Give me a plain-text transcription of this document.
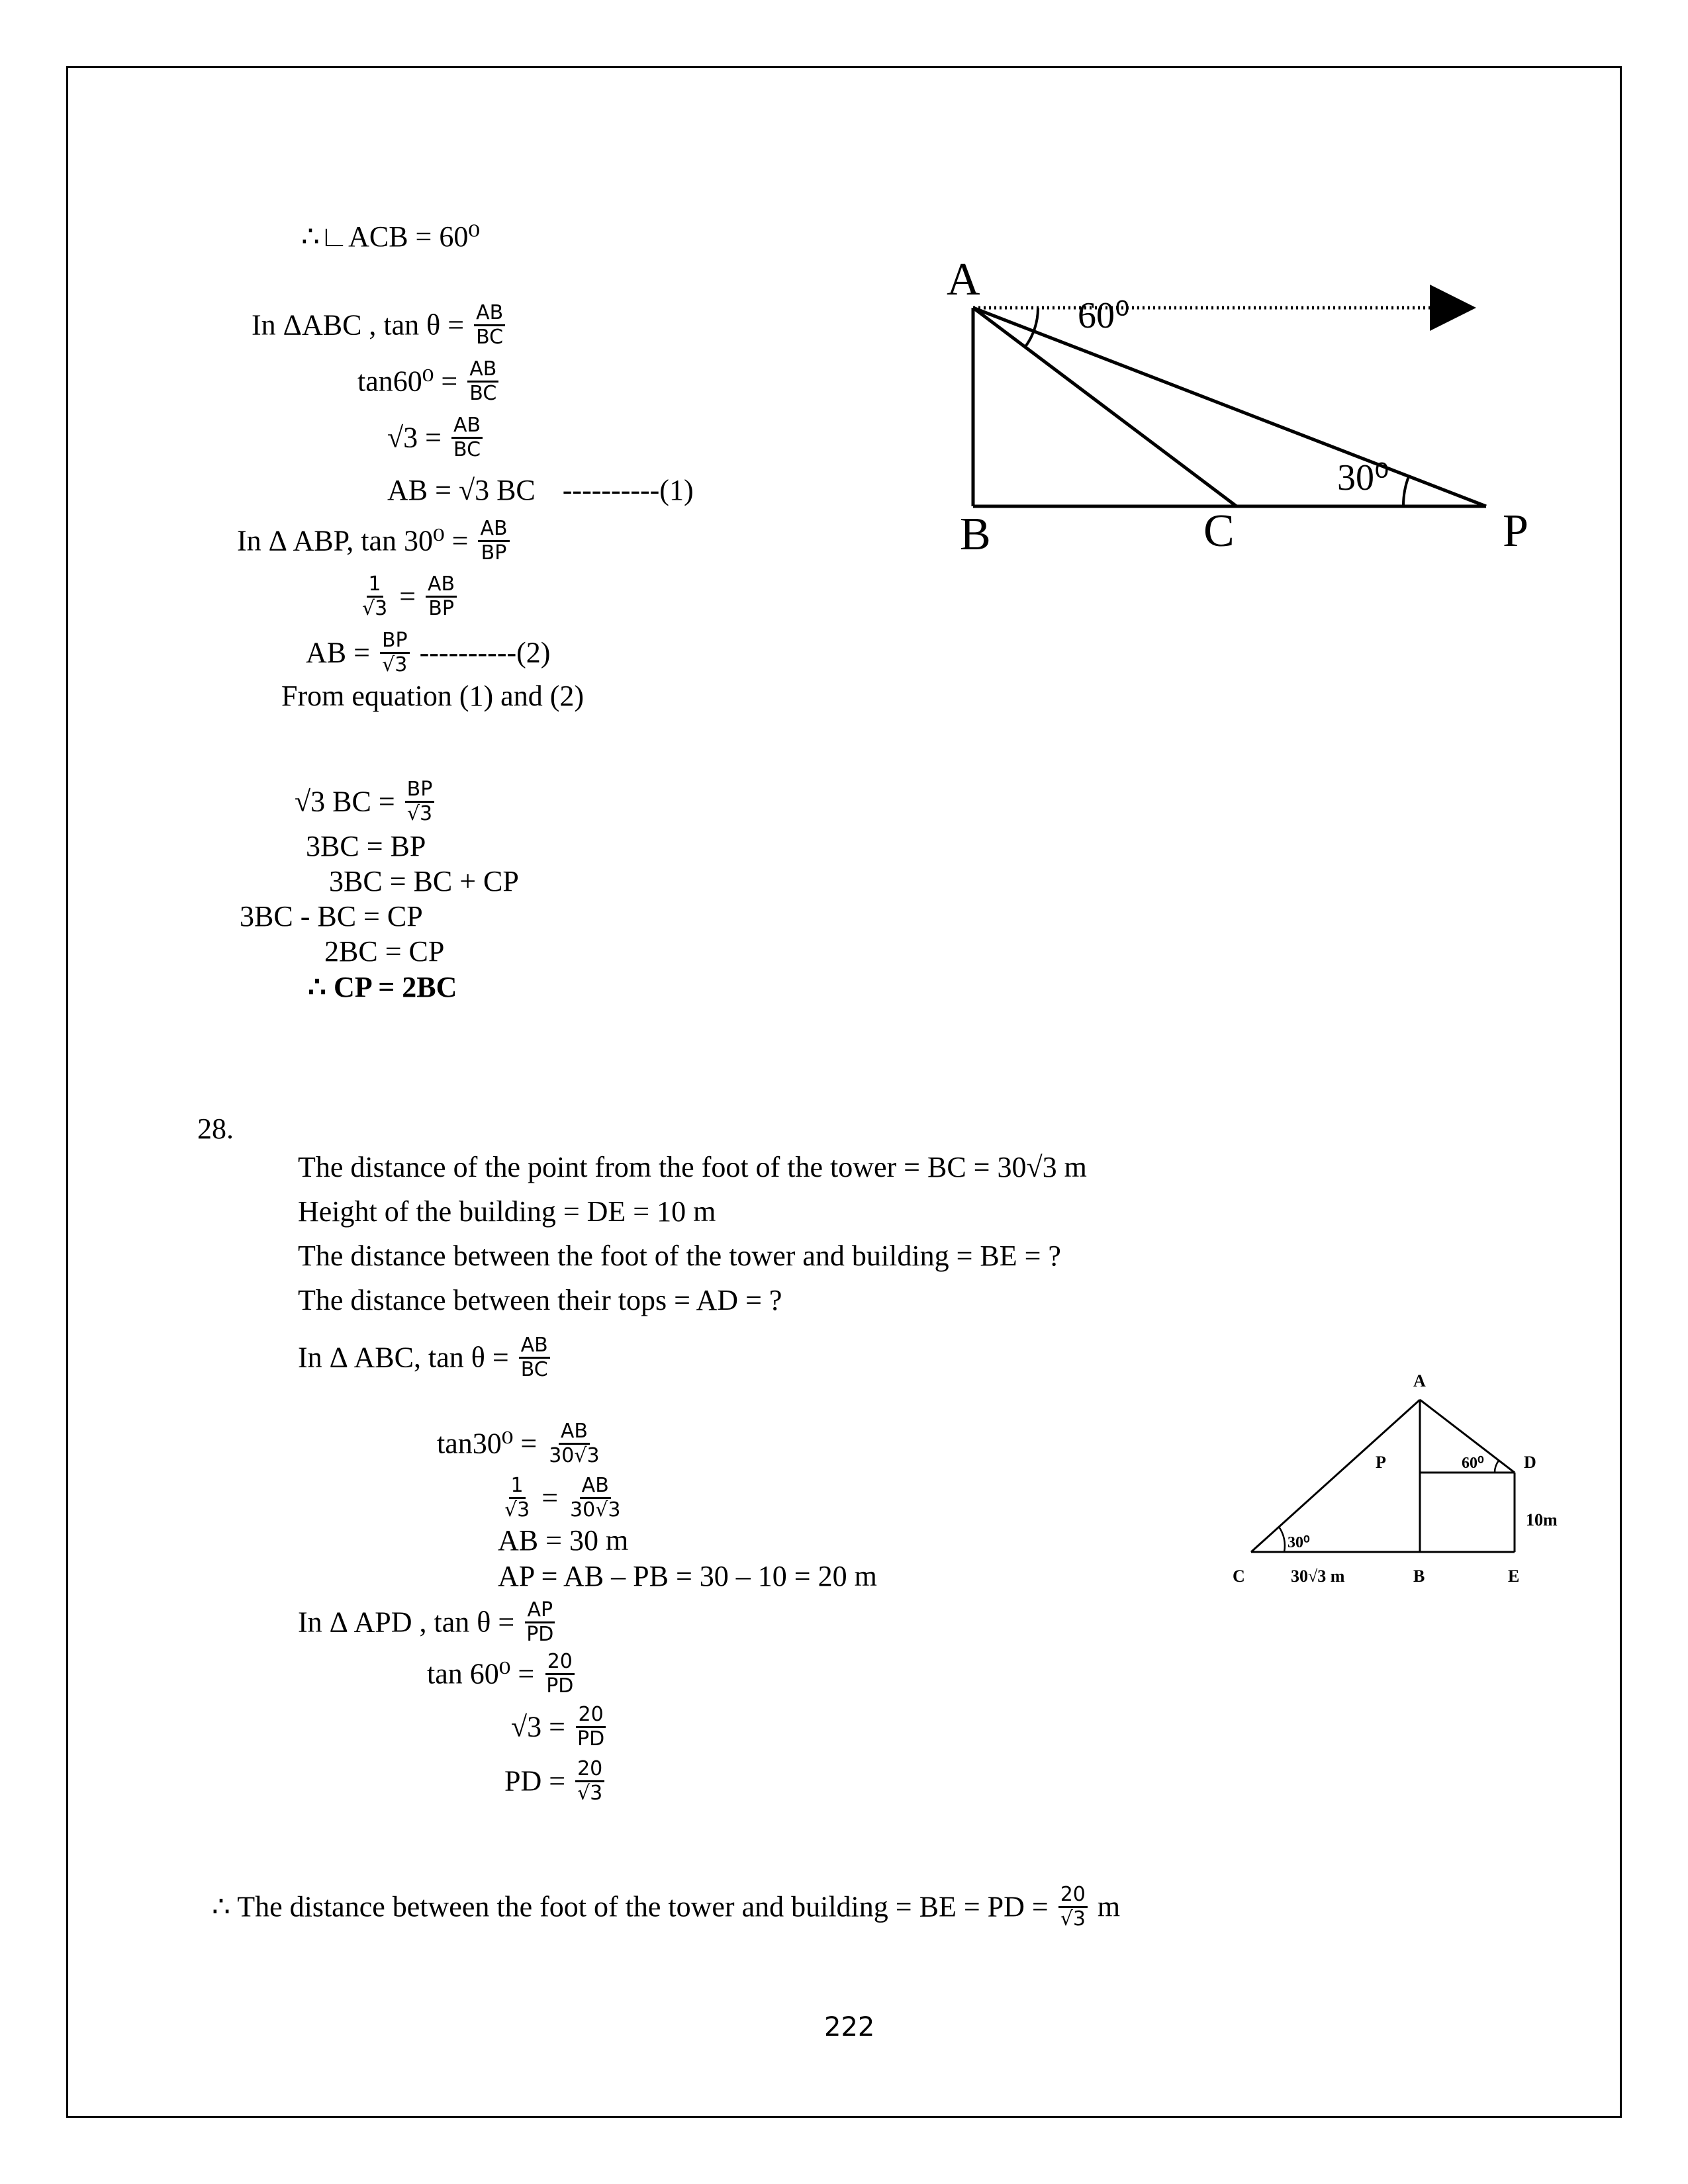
∴∟ACB = 60⁰
In ΔABC , $\tan \theta = \frac{AB}{BC}$
$\tan 60^0 = \frac{AB}{BC}$
$√3 = \frac{AB}{BC}$
AB = √3 BC ----------(1)
In Δ ABP, $\tan 30^0 = \frac{AB}{BP}$
$\frac{1}{√3} = \frac{AB}{BP}$
AB = $\frac{BP}{√3} ----------(2)$
From equation (1) and (2)
√3 BC = $\frac{BP}{√3}$
3BC = BP
3BC = BC + CP
3BC - BC = CP
2BC = CP
∴ CP = 2BC
A
B	C	P
60⁰
30⁰
28.
The distance of the point from the foot of the tower = BC = 30√3 m
Height of the building = DE = 10 m
The distance between the foot of the tower and building = BE = ?
The distance between their tops = AD = ?
In Δ ABC, $\tan \theta = \frac{AB}{BC}$
$\tan 30^0 = \frac{AB}{30√3}$
$\frac{1}{√3} = \frac{AB}{30√3}$
AB = 30 m
AP = AB – PB = 30 – 10 = 20 m
In Δ APD , $\tan \theta = \frac{AP}{PD}$
$\tan 60^0 = \frac{20}{PD}$
$√3 = \frac{20}{PD}$
PD = $\frac{20}{√3}$
∴ The distance between the foot of the tower and building = BE = PD = $\frac{20}{√3}$ m
A
P	60⁰ D
10m
30⁰
C	30√3 m	B	E
222
